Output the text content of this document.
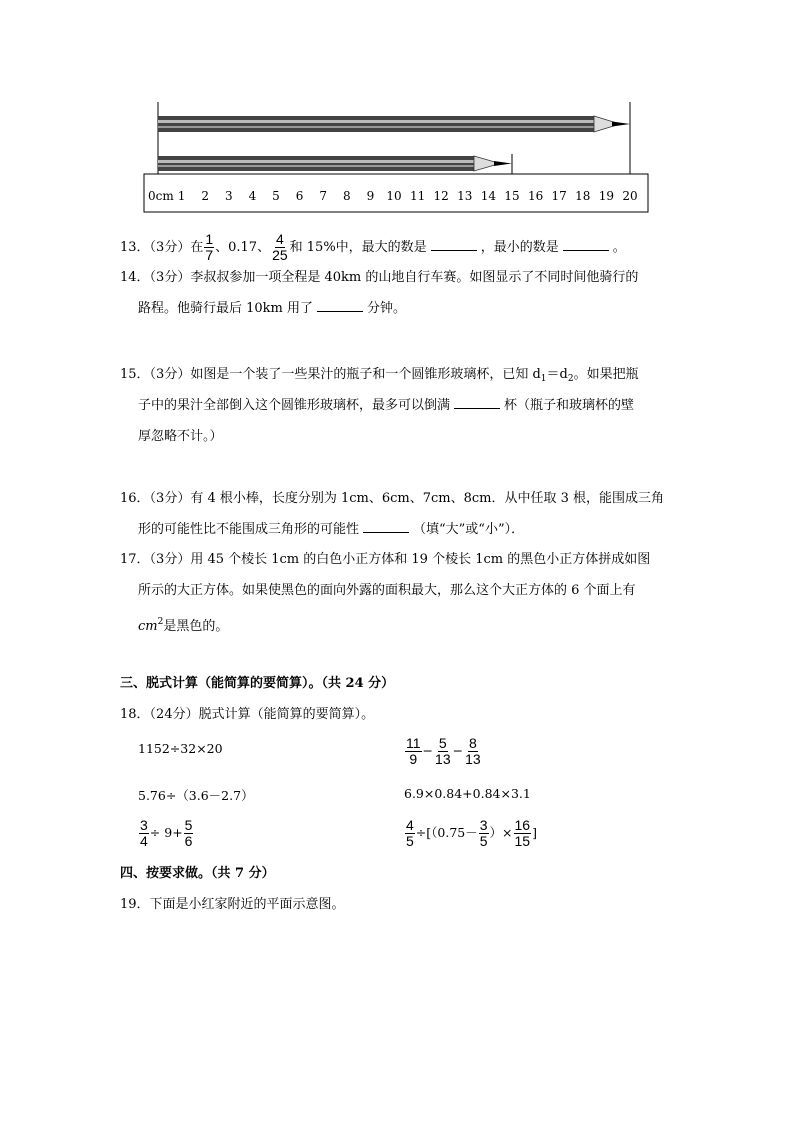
0cm 1 2 3 4 5 6 7 8 9 10 11 12 13 14 15 16 17 18 19 20
13．（3分）在 $\frac{1}{7}$ 、0.17、 $\frac{4}{25}$ 和 15%中，最大的数是	，最小的数是	。
14．（3分）李叔叔参加一项全程是 40km 的山地自行车赛。如图显示了不同时间他骑行的
路程。他骑行最后 10km 用了	分钟。
15．（3分）如图是一个装了一些果汁的瓶子和一个圆锥形玻璃杯，已知 $d_1=d_2$。如果把瓶
子中的果汁全部倒入这个圆锥形玻璃杯，最多可以倒满	杯（瓶子和玻璃杯的壁
厚忽略不计。）
16．（3分）有 4 根小棒，长度分别为 1cm、6cm、7cm、8cm．从中任取 3 根，能围成三角
形的可能性比不能围成三角形的可能性	（填“大”或“小”）．
17．（3分）用 45 个棱长 1cm 的白色小正方体和 19 个棱长 1cm 的黑色小正方体拼成如图
所示的大正方体。如果使黑色的面向外露的面积最大，那么这个大正方体的 6 个面上有
$cm^2$是黑色的。
三、脱式计算（能简算的要简算）。（共 24 分）
18．（24分）脱式计算（能简算的要简算）。
1152÷32×20	$\frac{11}{9} - \frac{5}{13} - \frac{8}{13}$
5.76÷（3.6－2.7）	6.9×0.84+0.84×3.1
$\frac{3}{4} \div 9+ \frac{5}{6}$	$\frac{4}{5} \div[(0.75- \frac{3}{5}$ ）× $\frac{16}{15}$ ]
四、按要求做。（共 7 分）
19．下面是小红家附近的平面示意图。
